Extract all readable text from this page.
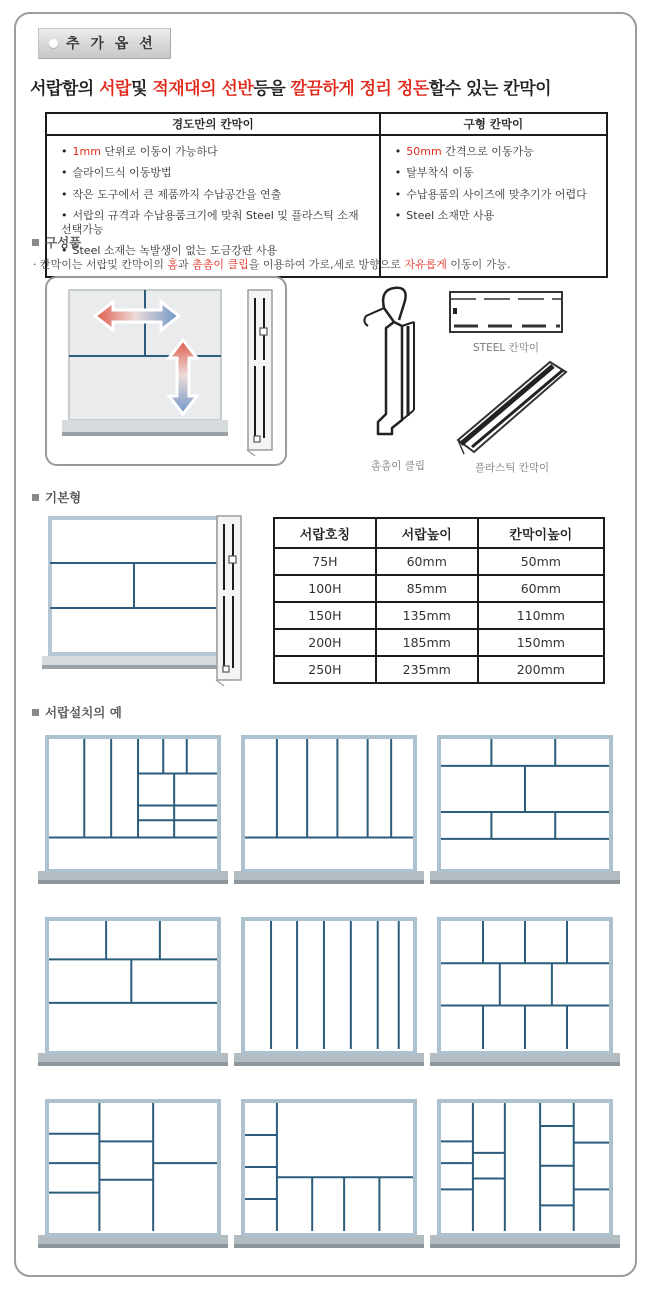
추 가 옵 션
서랍함의 서랍및 적재대의 선반등을 깔끔하게 정리 정돈할수 있는 칸막이
경도만의 칸막이	구형 칸막이

• 1mm 단위로 이동이 가능하다
• 슬라이드식 이동방법
• 작은 도구에서 큰 제품까지 수납공간을 연출
• 서랍의 규격과 수납용품크기에 맞춰 Steel 및 플라스틱 소재 선택가능
• Steel 소재는 녹발생이 없는 도금강판 사용

• 50mm 간격으로 이동가능
• 탈부착식 이동
• 수납용품의 사이즈에 맞추기가 어렵다
• Steel 소재만 사용
구성품
· 칸막이는 서랍및 칸막이의 홈과 촘촘이 클립을 이용하여 가로,세로 방향으로 자유롭게 이동이 가능.
촘촘이 클립
STEEL 칸막이
플라스틱 칸막이
기본형
서랍호칭	서랍높이	칸막이높이
75H	60mm	50mm
100H	85mm	60mm
150H	135mm	110mm
200H	185mm	150mm
250H	235mm	200mm
서랍설치의 예
